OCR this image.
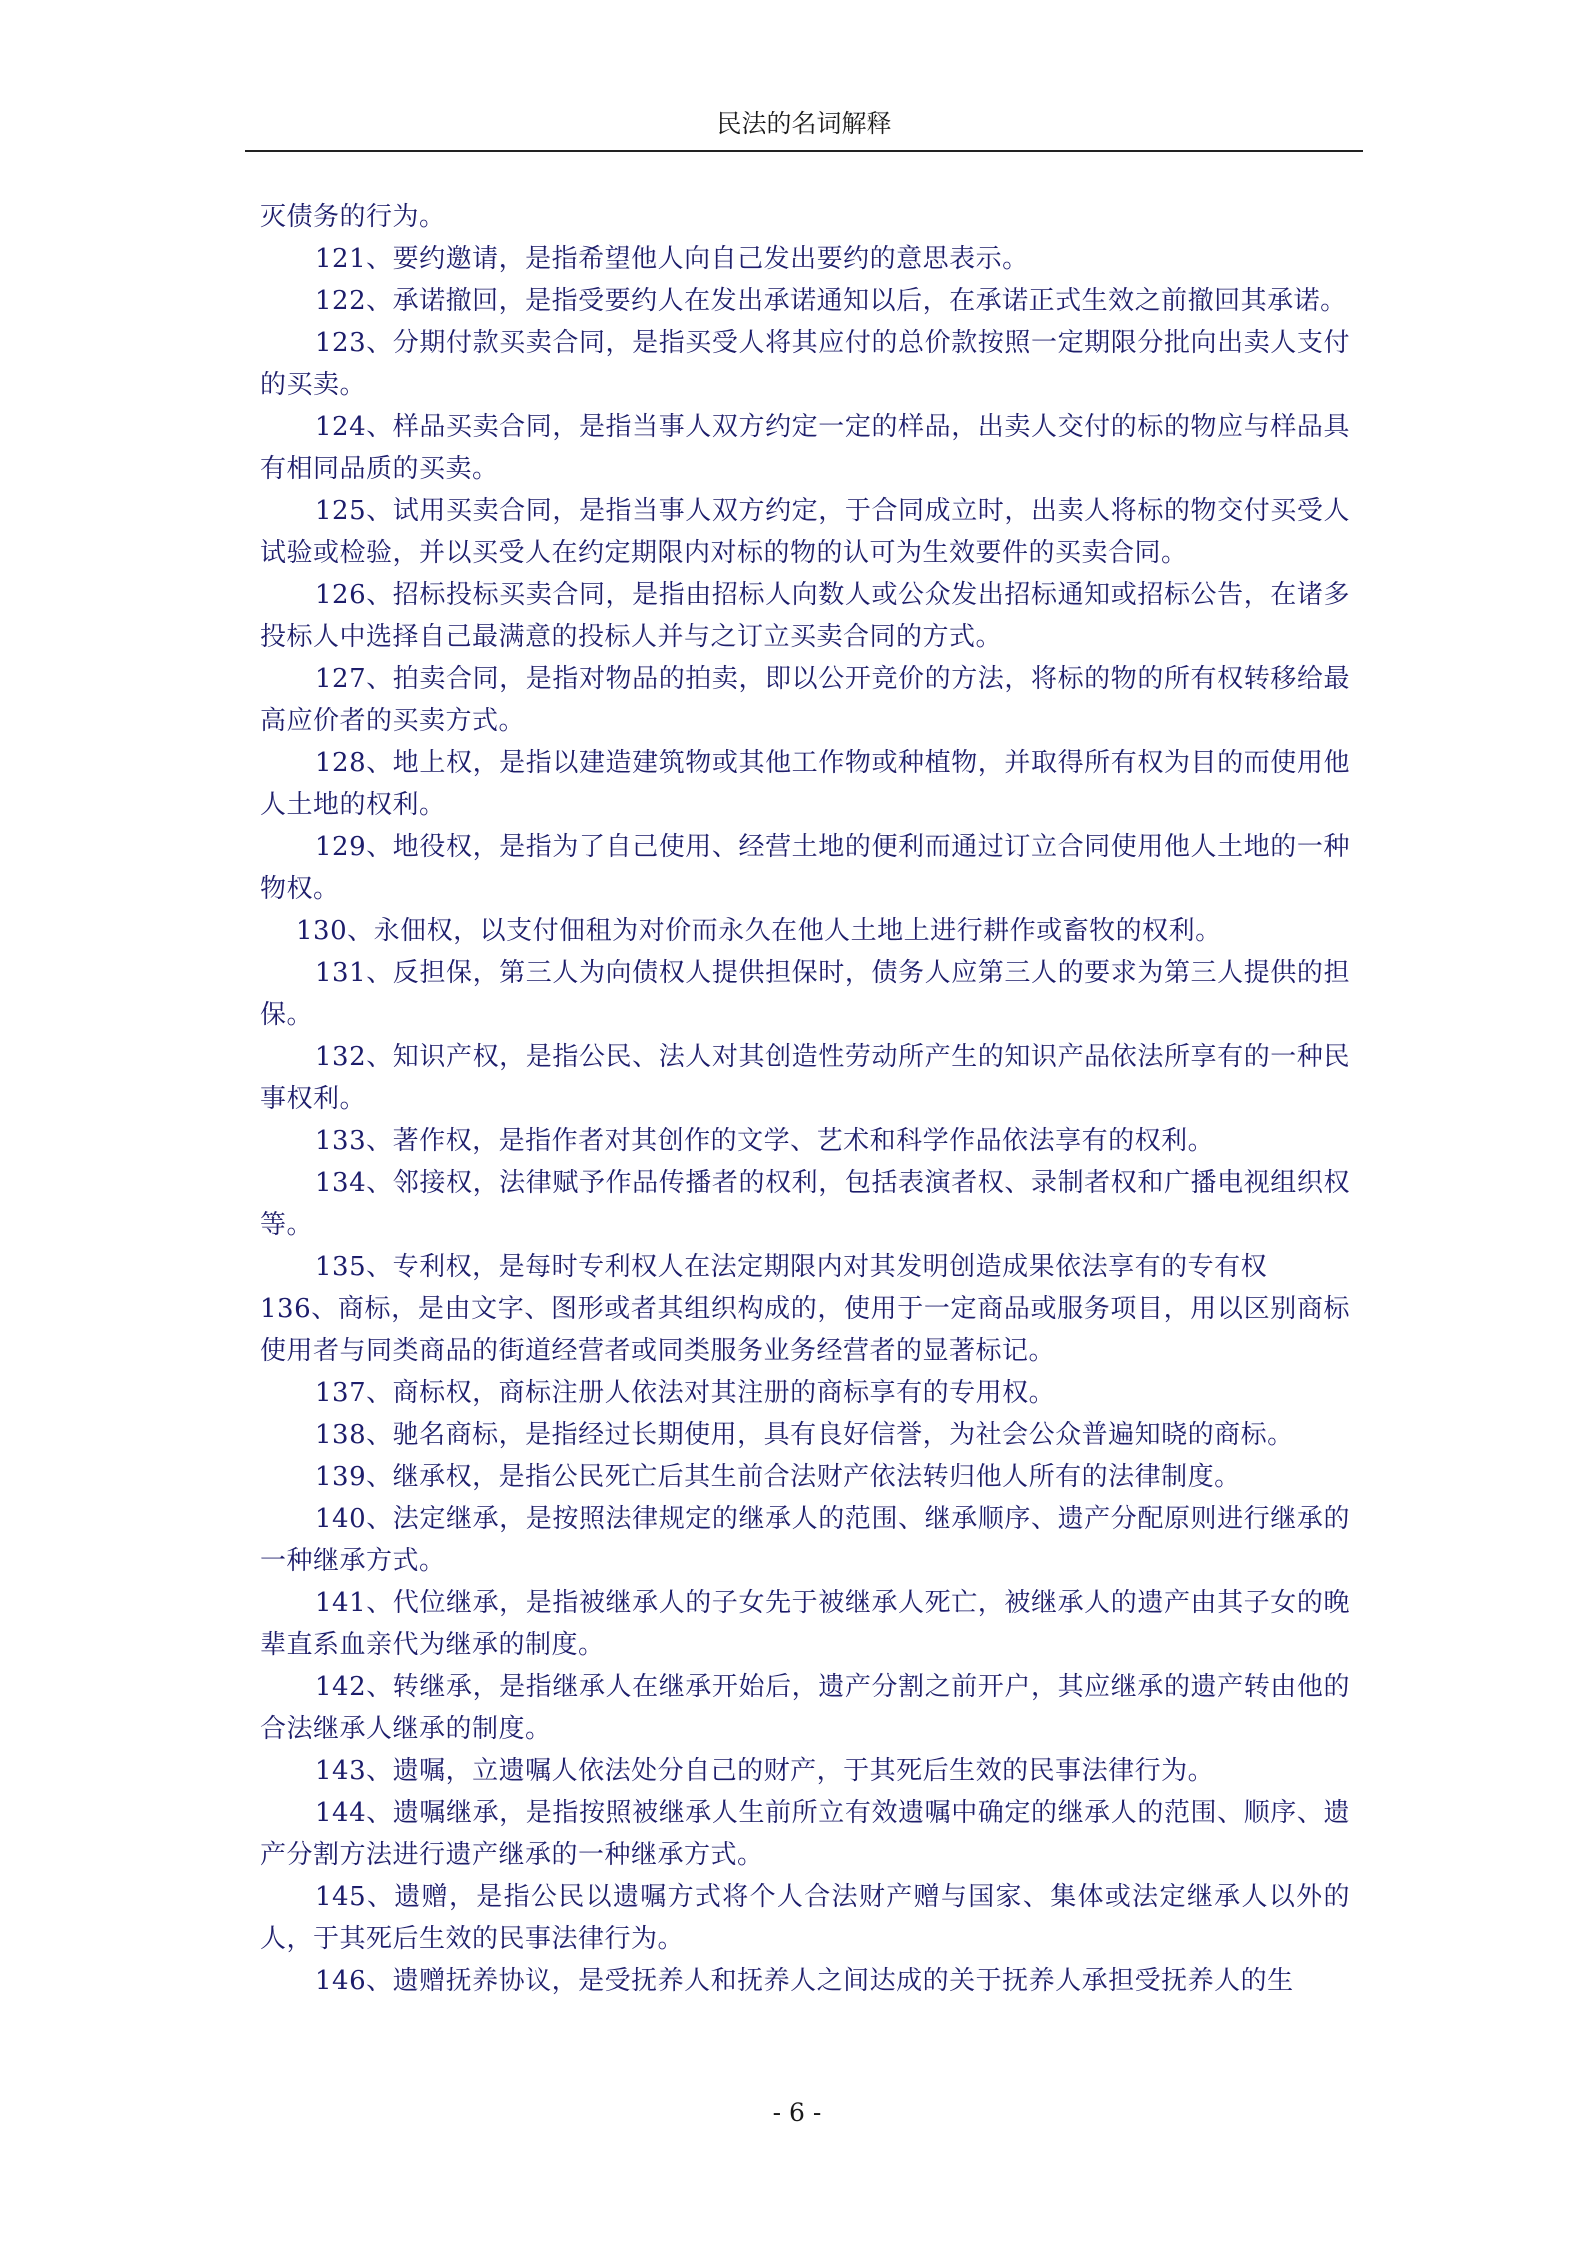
民法的名词解释

灭债务的行为。

121、要约邀请，是指希望他人向自己发出要约的意思表示。

122、承诺撤回，是指受要约人在发出承诺通知以后，在承诺正式生效之前撤回其承诺。

123、分期付款买卖合同，是指买受人将其应付的总价款按照一定期限分批向出卖人支付的买卖。

124、样品买卖合同，是指当事人双方约定一定的样品，出卖人交付的标的物应与样品具有相同品质的买卖。

125、试用买卖合同，是指当事人双方约定，于合同成立时，出卖人将标的物交付买受人试验或检验，并以买受人在约定期限内对标的物的认可为生效要件的买卖合同。

126、招标投标买卖合同，是指由招标人向数人或公众发出招标通知或招标公告，在诸多投标人中选择自己最满意的投标人并与之订立买卖合同的方式。

127、拍卖合同，是指对物品的拍卖，即以公开竞价的方法，将标的物的所有权转移给最高应价者的买卖方式。

128、地上权，是指以建造建筑物或其他工作物或种植物，并取得所有权为目的而使用他人土地的权利。

129、地役权，是指为了自己使用、经营土地的便利而通过订立合同使用他人土地的一种物权。

130、永佃权，以支付佃租为对价而永久在他人土地上进行耕作或畜牧的权利。

131、反担保，第三人为向债权人提供担保时，债务人应第三人的要求为第三人提供的担保。

132、知识产权，是指公民、法人对其创造性劳动所产生的知识产品依法所享有的一种民事权利。

133、著作权，是指作者对其创作的文学、艺术和科学作品依法享有的权利。

134、邻接权，法律赋予作品传播者的权利，包括表演者权、录制者权和广播电视组织权等。

135、专利权，是每时专利权人在法定期限内对其发明创造成果依法享有的专有权

136、商标，是由文字、图形或者其组织构成的，使用于一定商品或服务项目，用以区别商标使用者与同类商品的街道经营者或同类服务业务经营者的显著标记。

137、商标权，商标注册人依法对其注册的商标享有的专用权。

138、驰名商标，是指经过长期使用，具有良好信誉，为社会公众普遍知晓的商标。

139、继承权，是指公民死亡后其生前合法财产依法转归他人所有的法律制度。

140、法定继承，是按照法律规定的继承人的范围、继承顺序、遗产分配原则进行继承的一种继承方式。

141、代位继承，是指被继承人的子女先于被继承人死亡，被继承人的遗产由其子女的晚辈直系血亲代为继承的制度。

142、转继承，是指继承人在继承开始后，遗产分割之前开户，其应继承的遗产转由他的合法继承人继承的制度。

143、遗嘱，立遗嘱人依法处分自己的财产，于其死后生效的民事法律行为。

144、遗嘱继承，是指按照被继承人生前所立有效遗嘱中确定的继承人的范围、顺序、遗产分割方法进行遗产继承的一种继承方式。

145、遗赠，是指公民以遗嘱方式将个人合法财产赠与国家、集体或法定继承人以外的人，于其死后生效的民事法律行为。

146、遗赠抚养协议，是受抚养人和抚养人之间达成的关于抚养人承担受抚养人的生

- 6 -
